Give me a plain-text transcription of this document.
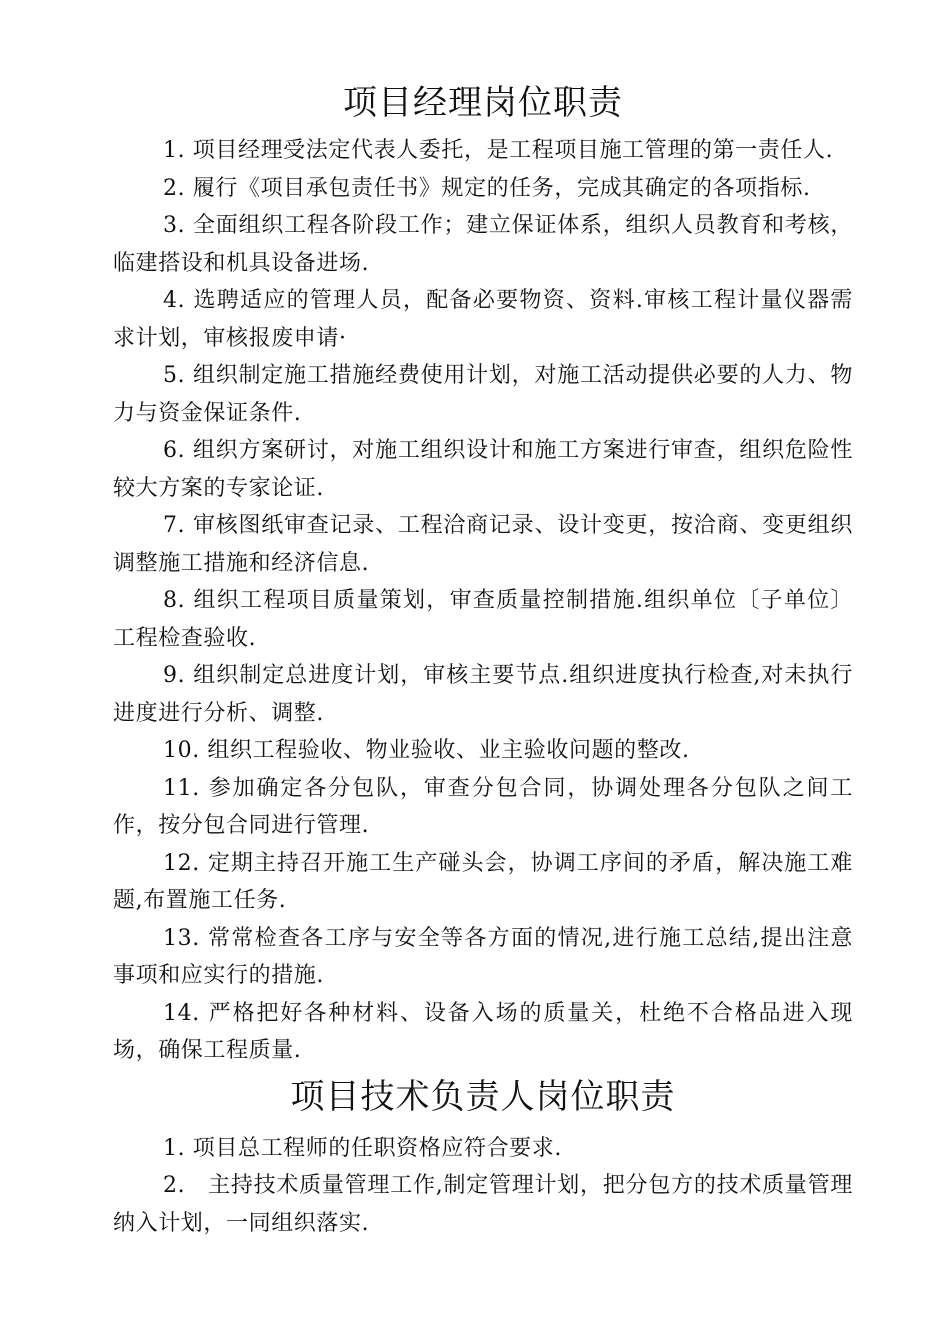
项目经理岗位职责

1. 项目经理受法定代表人委托，是工程项目施工管理的第一责任人.

2. 履行《项目承包责任书》规定的任务，完成其确定的各项指标.

3. 全面组织工程各阶段工作；建立保证体系，组织人员教育和考核，临建搭设和机具设备进场.

4. 选聘适应的管理人员，配备必要物资、资料.审核工程计量仪器需求计划，审核报废申请·

5. 组织制定施工措施经费使用计划，对施工活动提供必要的人力、物力与资金保证条件.

6. 组织方案研讨，对施工组织设计和施工方案进行审查，组织危险性较大方案的专家论证.

7. 审核图纸审查记录、工程洽商记录、设计变更，按洽商、变更组织调整施工措施和经济信息.

8. 组织工程项目质量策划，审查质量控制措施.组织单位〔子单位〕工程检查验收.

9. 组织制定总进度计划，审核主要节点.组织进度执行检查,对未执行进度进行分析、调整.

10. 组织工程验收、物业验收、业主验收问题的整改.

11. 参加确定各分包队，审查分包合同，协调处理各分包队之间工作，按分包合同进行管理.

12. 定期主持召开施工生产碰头会，协调工序间的矛盾，解决施工难题,布置施工任务.

13. 常常检查各工序与安全等各方面的情况,进行施工总结,提出注意事项和应实行的措施.

14. 严格把好各种材料、设备入场的质量关，杜绝不合格品进入现场，确保工程质量.

项目技术负责人岗位职责

1. 项目总工程师的任职资格应符合要求.

2.　主持技术质量管理工作,制定管理计划，把分包方的技术质量管理纳入计划，一同组织落实.
